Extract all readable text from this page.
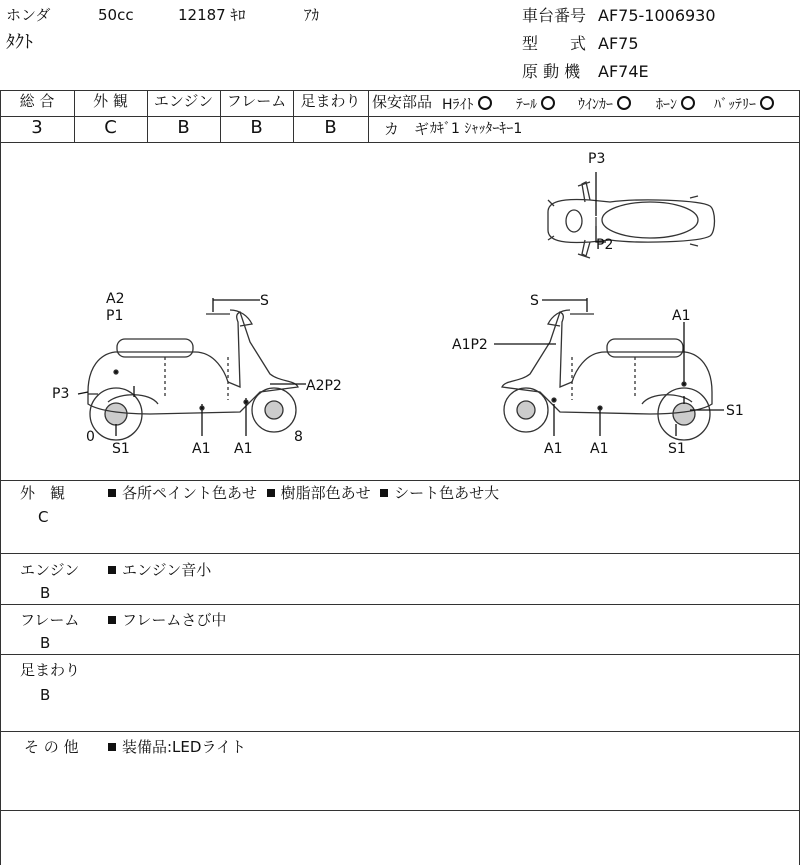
ホンダ	50cc	12187 ｷﾛ	ｱｶ
ﾀｸﾄ
車台番号 AF75-1006930
型　　式 AF75
原 動 機 AF74E
総 合	外 観	エンジン フレーム 足まわり
3	C	B	B	B
保安部品 Hﾗｲﾄ	ﾃｰﾙ	ｳｲﾝｶｰ	ﾎｰﾝ	ﾊﾞｯﾃﾘｰ
カ　ギ ｶｷﾞ1 ｼｬｯﾀｰｷｰ1
P3
P2
A2
P1
S
P3	A2P2
0
S1	A1 A1
8
S
A1
A1P2
S1
A1 A1	S1
外　観
C
各所ペイント色あせ 樹脂部色あせ シート色あせ大
エンジン
B
エンジン音小
フレーム
B
フレームさび中
足まわり
B
そ の 他	装備品:LEDライト
